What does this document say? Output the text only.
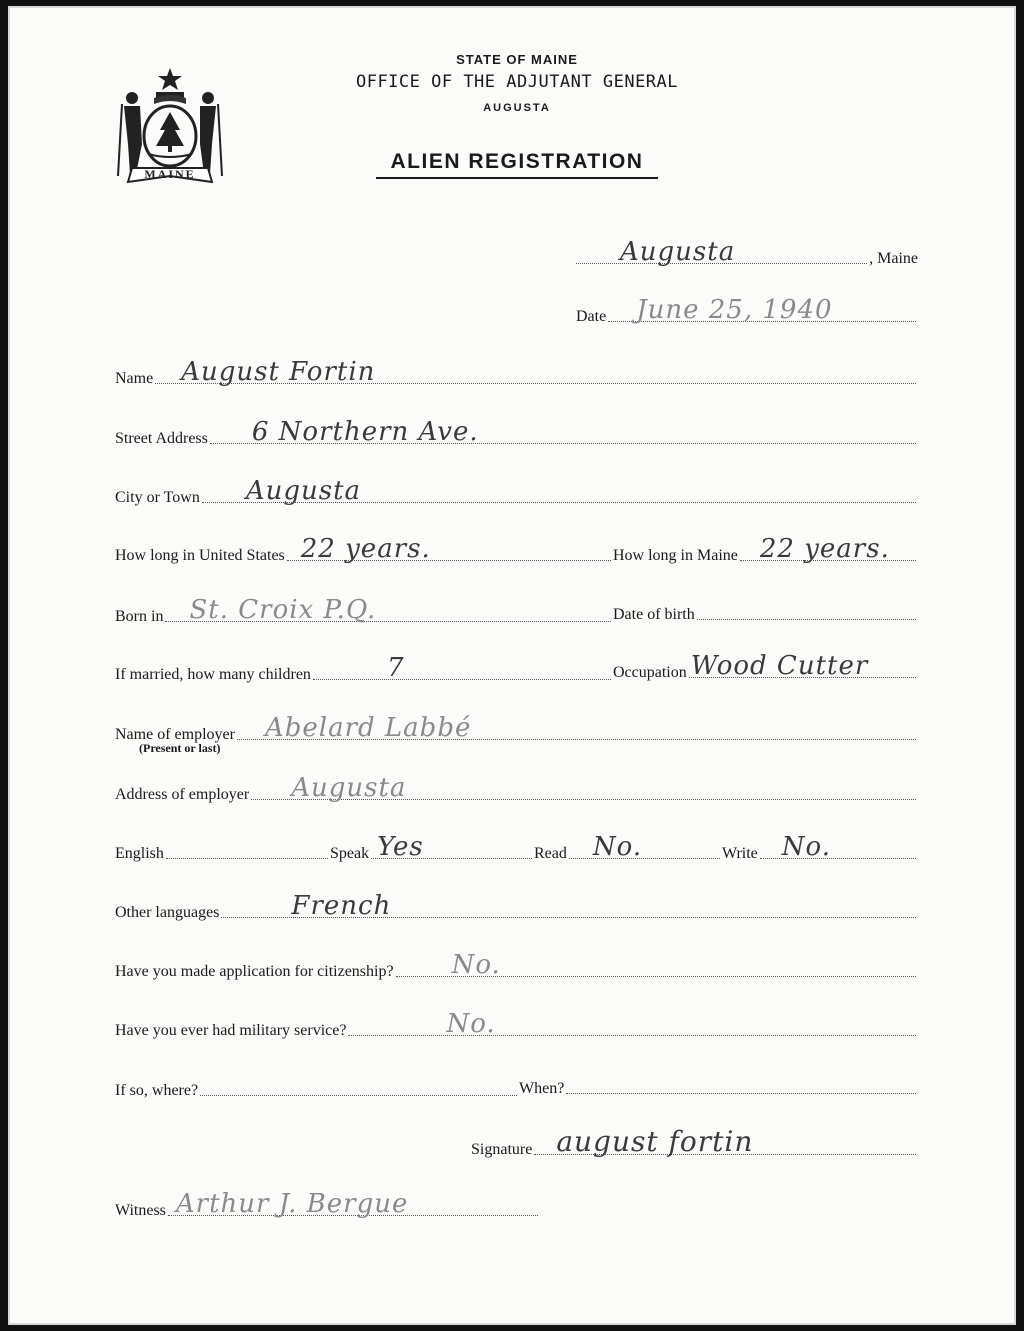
MAINE
STATE OF MAINE
OFFICE OF THE ADJUTANT GENERAL
AUGUSTA
ALIEN REGISTRATION
Augusta	, Maine
Date June 25, 1940
Name August Fortin
Street Address 6 Northern Ave.
City or Town Augusta
How long in United States 22 years.	How long in Maine 22 years.
Born in St. Croix P.Q.	Date of birth
If married, how many children	7	Occupation Wood Cutter
Name of employer Abelard Labbé
(Present or last)
Address of employer Augusta
English	Speak Yes	Read No.	Write No.
Other languages	French
Have you made application for citizenship? No.
Have you ever had military service?	No.
If so, where?	When?
Signature august fortin
Witness Arthur J. Bergue
